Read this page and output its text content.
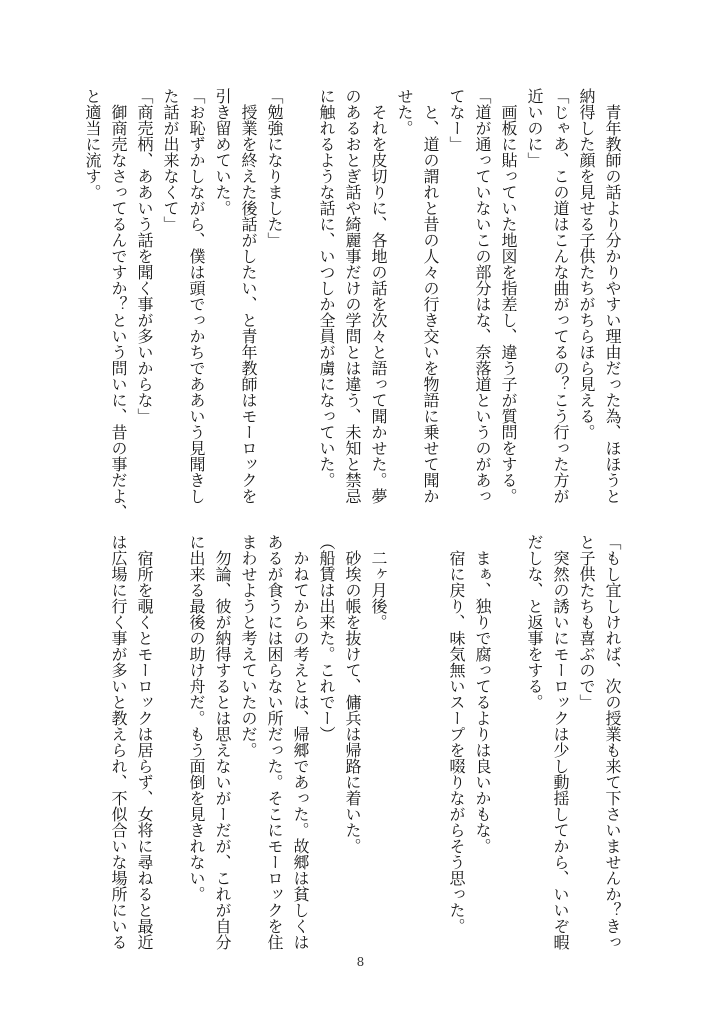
　青年教師の話より分かりやすい理由だった為、ほほうと

納得した顔を見せる子供たちがちらほら見える。

「じゃあ、この道はこんな曲がってるの？こう行った方が

近いのに」

　画板に貼っていた地図を指差し、違う子が質問をする。

「道が通っていないこの部分はな、奈落道というのがあっ

てなー」

　と、道の謂れと昔の人々の行き交いを物語に乗せて聞か

せた。

　それを皮切りに、各地の話を次々と語って聞かせた。夢

のあるおとぎ話や綺麗事だけの学問とは違う、未知と禁忌

に触れるような話に、いつしか全員が虜になっていた。

「勉強になりました」

　授業を終えた後話がしたい、と青年教師はモーロックを

引き留めていた。

「お恥ずかしながら、僕は頭でっかちでああいう見聞きし

た話が出来なくて」

「商売柄、ああいう話を聞く事が多いからな」

　御商売なさってるんですか？という問いに、昔の事だよ、

と適当に流す。

「もし宜しければ、次の授業も来て下さいませんか？きっ

と子供たちも喜ぶので」

　突然の誘いにモーロックは少し動揺してから、いいぞ暇

だしな、と返事をする。

　まぁ、独りで腐ってるよりは良いかもな。

　宿に戻り、味気無いスープを啜りながらそう思った。

　二ヶ月後。

　砂埃の帳を抜けて、傭兵は帰路に着いた。

（船賃は出来た。これでー）

　かねてからの考えとは、帰郷であった。故郷は貧しくは

あるが食うには困らない所だった。そこにモーロックを住

まわせようと考えていたのだ。

　勿論、彼が納得するとは思えないがーだが、これが自分

に出来る最後の助け舟だ。もう面倒を見きれない。

　宿所を覗くとモーロックは居らず、女将に尋ねると最近

は広場に行く事が多いと教えられ、不似合いな場所にいる

8
